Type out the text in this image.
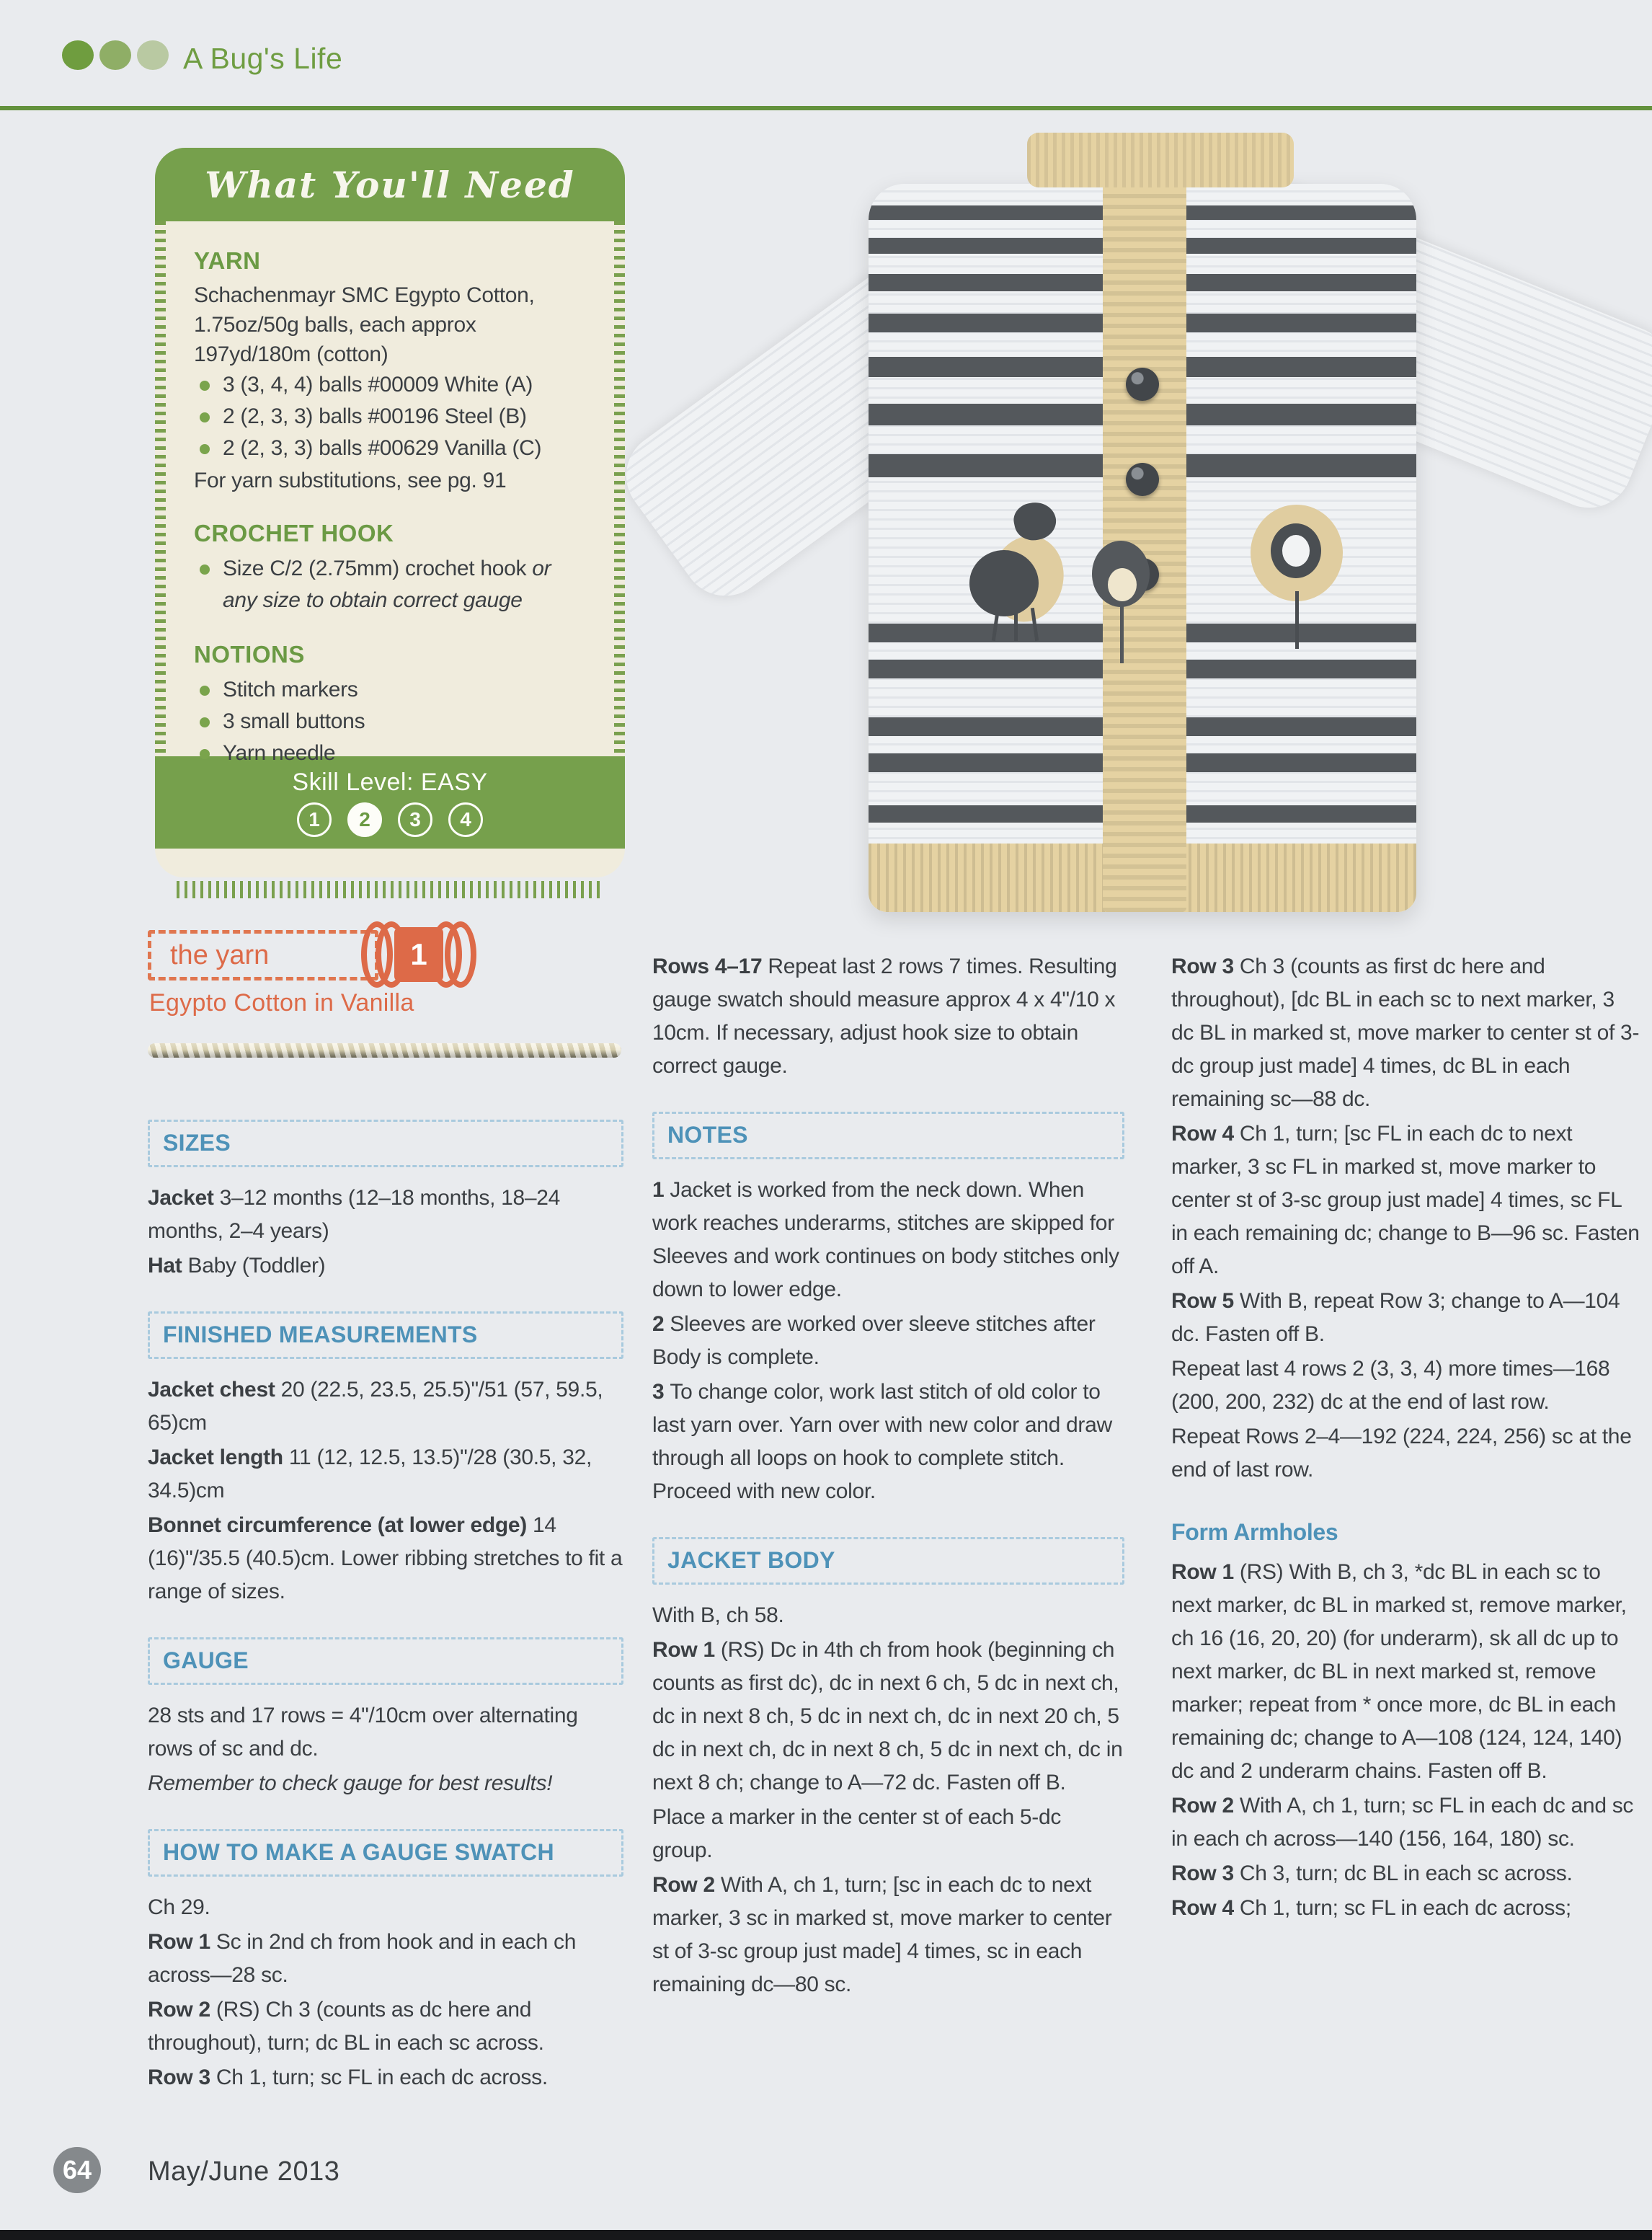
A Bug's Life
What You'll Need
YARN

Schachenmayr SMC Egypto Cotton, 1.75oz/50g balls, each approx 197yd/180m (cotton)

3 (3, 4, 4) balls #00009 White (A)
2 (2, 3, 3) balls #00196 Steel (B)
2 (2, 3, 3) balls #00629 Vanilla (C)

For yarn substitutions, see pg. 91

CROCHET HOOK
Size C/2 (2.75mm) crochet hook or any size to obtain correct gauge
NOTIONS
Stitch markers
3 small buttons
Yarn needle
Skill Level: EASY
1	2	3	4
the yarn	1
Egypto Cotton in Vanilla
SIZES

Jacket 3–12 months (12–18 months, 18–24 months, 2–4 years)

Hat Baby (Toddler)

FINISHED MEASUREMENTS

Jacket chest 20 (22.5, 23.5, 25.5)"/51 (57, 59.5, 65)cm

Jacket length 11 (12, 12.5, 13.5)"/28 (30.5, 32, 34.5)cm

Bonnet circumference (at lower edge) 14 (16)"/35.5 (40.5)cm. Lower ribbing stretches to fit a range of sizes.

GAUGE

28 sts and 17 rows = 4"/10cm over alternating rows of sc and dc.

Remember to check gauge for best results!

HOW TO MAKE A GAUGE SWATCH

Ch 29.

Row 1 Sc in 2nd ch from hook and in each ch across—28 sc.

Row 2 (RS) Ch 3 (counts as dc here and throughout), turn; dc BL in each sc across.

Row 3 Ch 1, turn; sc FL in each dc across.

Rows 4–17 Repeat last 2 rows 7 times. Resulting gauge swatch should measure approx 4 x 4"/10 x 10cm. If necessary, adjust hook size to obtain correct gauge.

NOTES

1 Jacket is worked from the neck down. When work reaches underarms, stitches are skipped for Sleeves and work continues on body stitches only down to lower edge.

2 Sleeves are worked over sleeve stitches after Body is complete.

3 To change color, work last stitch of old color to last yarn over. Yarn over with new color and draw through all loops on hook to complete stitch. Proceed with new color.

JACKET BODY

With B, ch 58.

Row 1 (RS) Dc in 4th ch from hook (beginning ch counts as first dc), dc in next 6 ch, 5 dc in next ch, dc in next 8 ch, 5 dc in next ch, dc in next 20 ch, 5 dc in next ch, dc in next 8 ch, 5 dc in next ch, dc in next 8 ch; change to A—72 dc. Fasten off B.

Place a marker in the center st of each 5-dc group.

Row 2 With A, ch 1, turn; [sc in each dc to next marker, 3 sc in marked st, move marker to center st of 3-sc group just made] 4 times, sc in each remaining dc—80 sc.

Row 3 Ch 3 (counts as first dc here and throughout), [dc BL in each sc to next marker, 3 dc BL in marked st, move marker to center st of 3-dc group just made] 4 times, dc BL in each remaining sc—88 dc.

Row 4 Ch 1, turn; [sc FL in each dc to next marker, 3 sc FL in marked st, move marker to center st of 3-sc group just made] 4 times, sc FL in each remaining dc; change to B—96 sc. Fasten off A.

Row 5 With B, repeat Row 3; change to A—104 dc. Fasten off B.

Repeat last 4 rows 2 (3, 3, 4) more times—168 (200, 200, 232) dc at the end of last row.

Repeat Rows 2–4—192 (224, 224, 256) sc at the end of last row.

Form Armholes

Row 1 (RS) With B, ch 3, *dc BL in each sc to next marker, dc BL in marked st, remove marker, ch 16 (16, 20, 20) (for underarm), sk all dc up to next marker, dc BL in next marked st, remove marker; repeat from * once more, dc BL in each remaining dc; change to A—108 (124, 124, 140) dc and 2 underarm chains. Fasten off B.

Row 2 With A, ch 1, turn; sc FL in each dc and sc in each ch across—140 (156, 164, 180) sc.

Row 3 Ch 3, turn; dc BL in each sc across.

Row 4 Ch 1, turn; sc FL in each dc across;

64	May/June 2013
